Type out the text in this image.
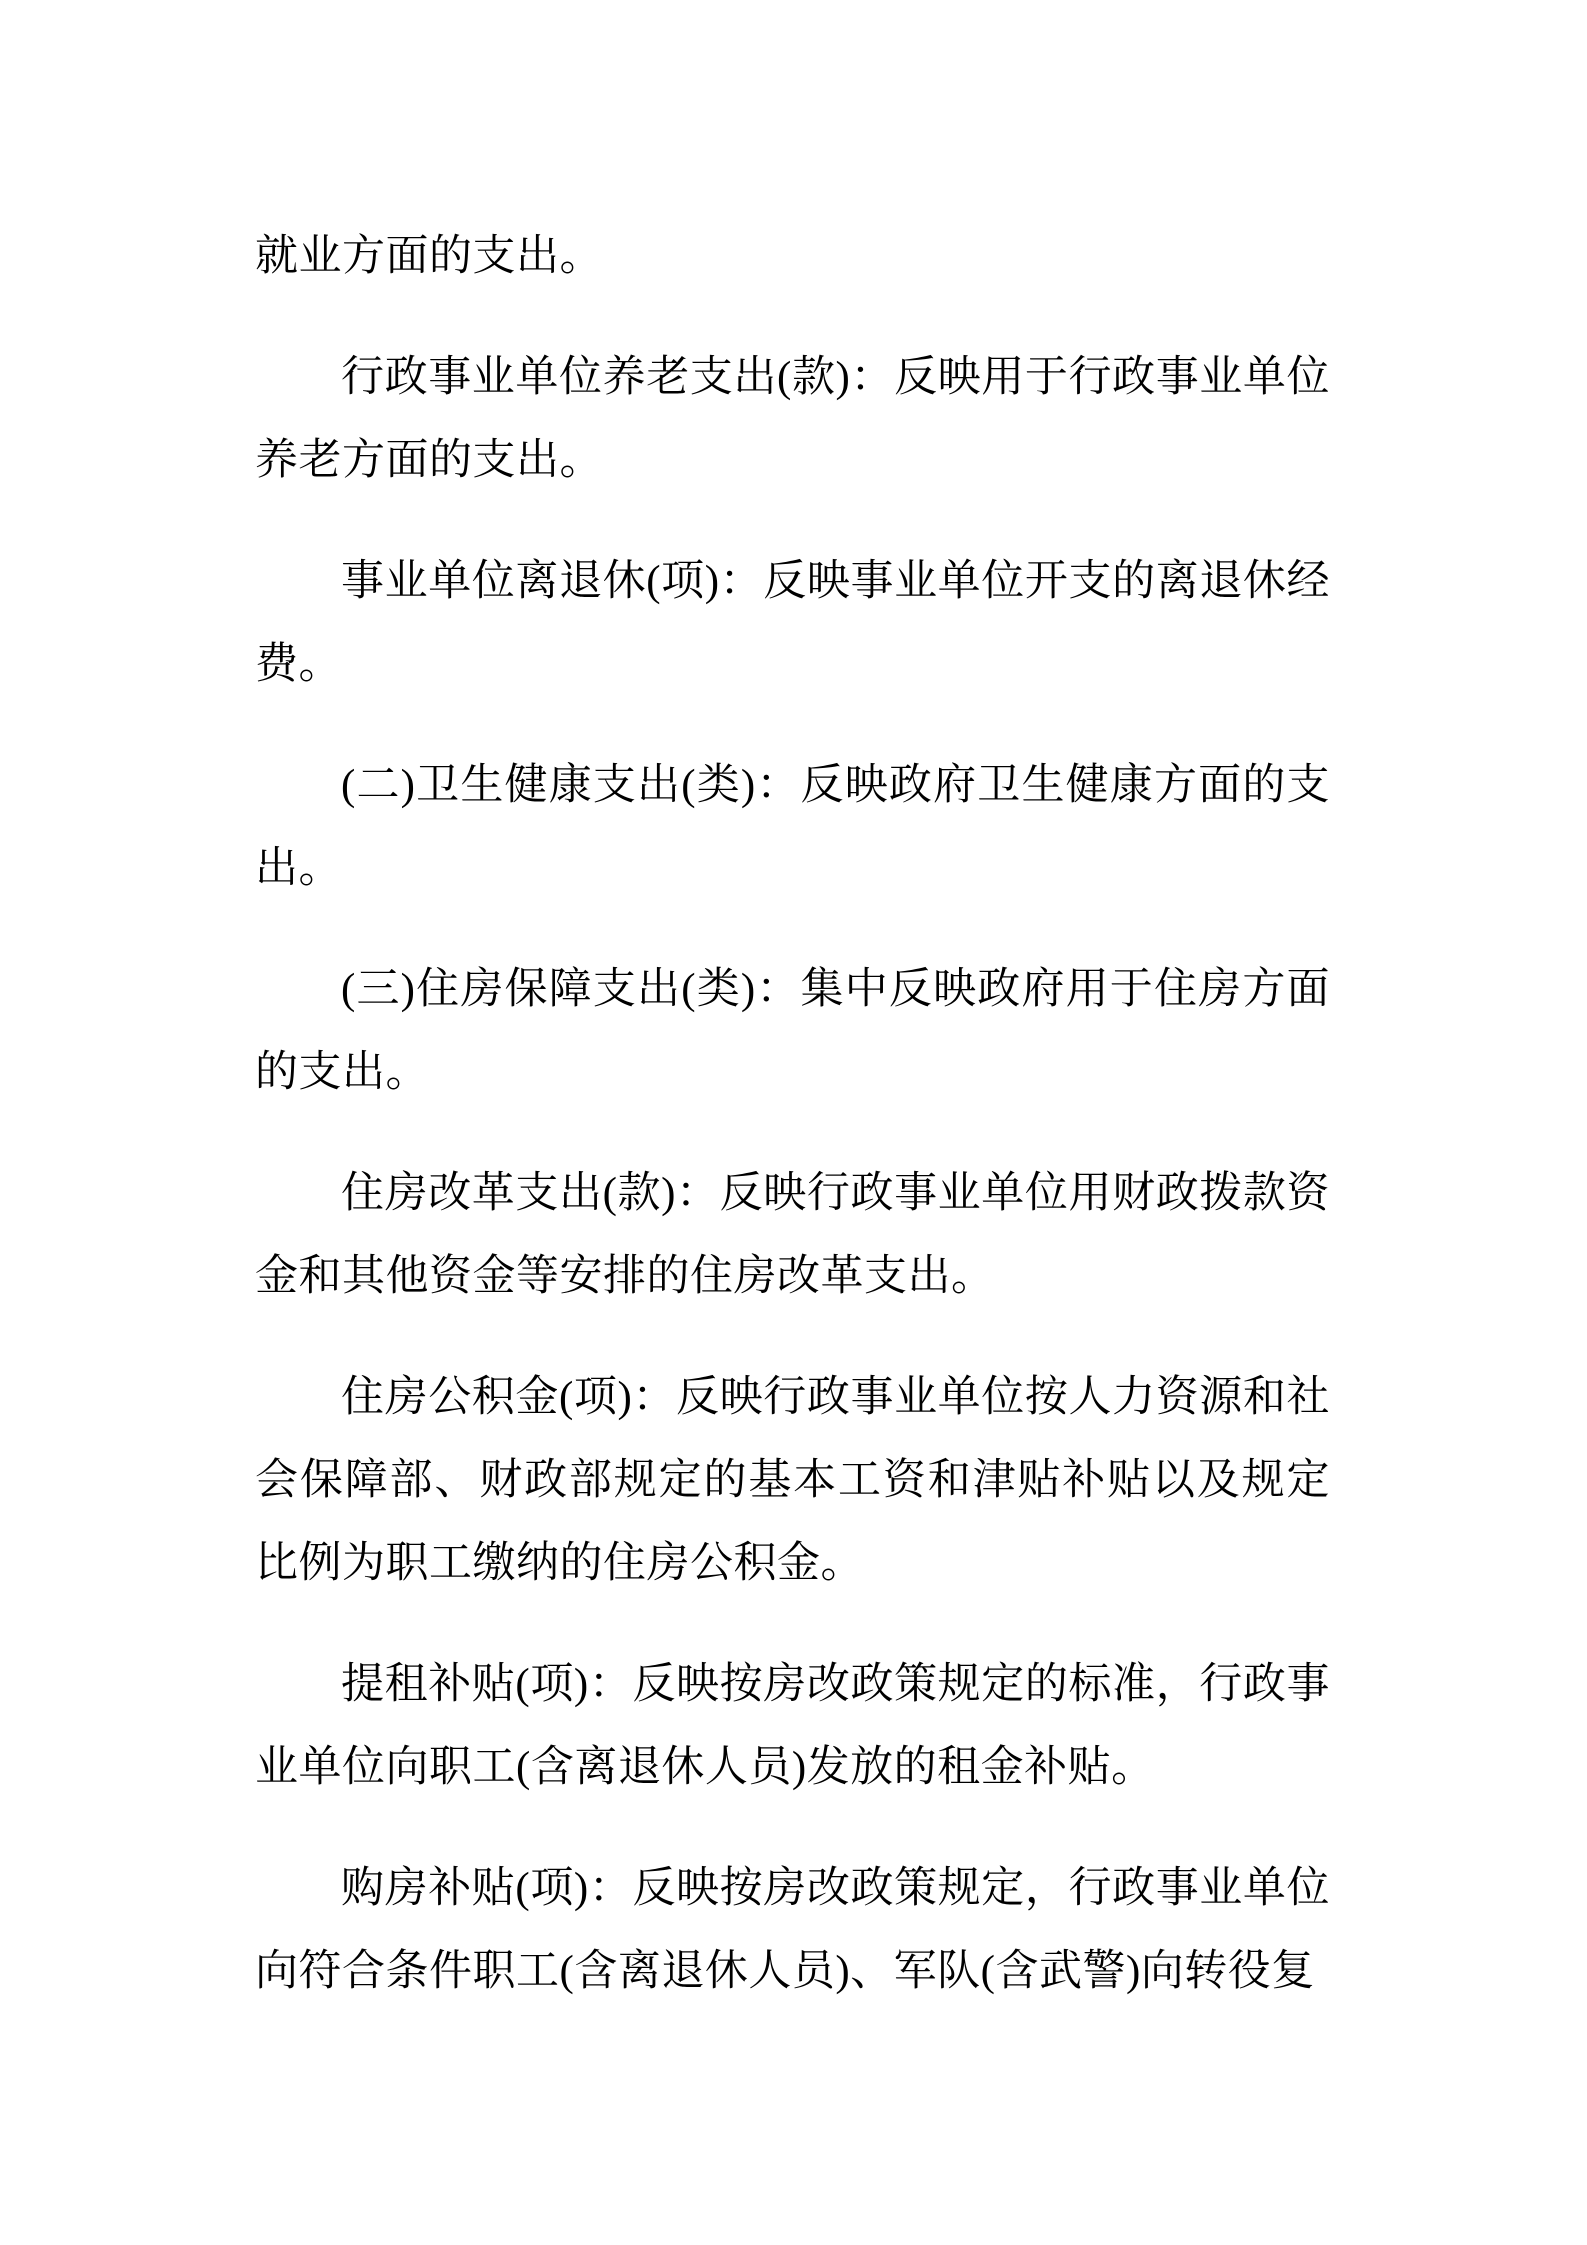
就业方面的支出。

行政事业单位养老支出(款)：反映用于行政事业单位养老方面的支出。

事业单位离退休(项)：反映事业单位开支的离退休经费。

(二)卫生健康支出(类)：反映政府卫生健康方面的支出。

(三)住房保障支出(类)：集中反映政府用于住房方面的支出。

住房改革支出(款)：反映行政事业单位用财政拨款资金和其他资金等安排的住房改革支出。

住房公积金(项)：反映行政事业单位按人力资源和社会保障部、财政部规定的基本工资和津贴补贴以及规定比例为职工缴纳的住房公积金。

提租补贴(项)：反映按房改政策规定的标准，行政事业单位向职工(含离退休人员)发放的租金补贴。

购房补贴(项)：反映按房改政策规定，行政事业单位向符合条件职工(含离退休人员)、军队(含武警)向转役复
